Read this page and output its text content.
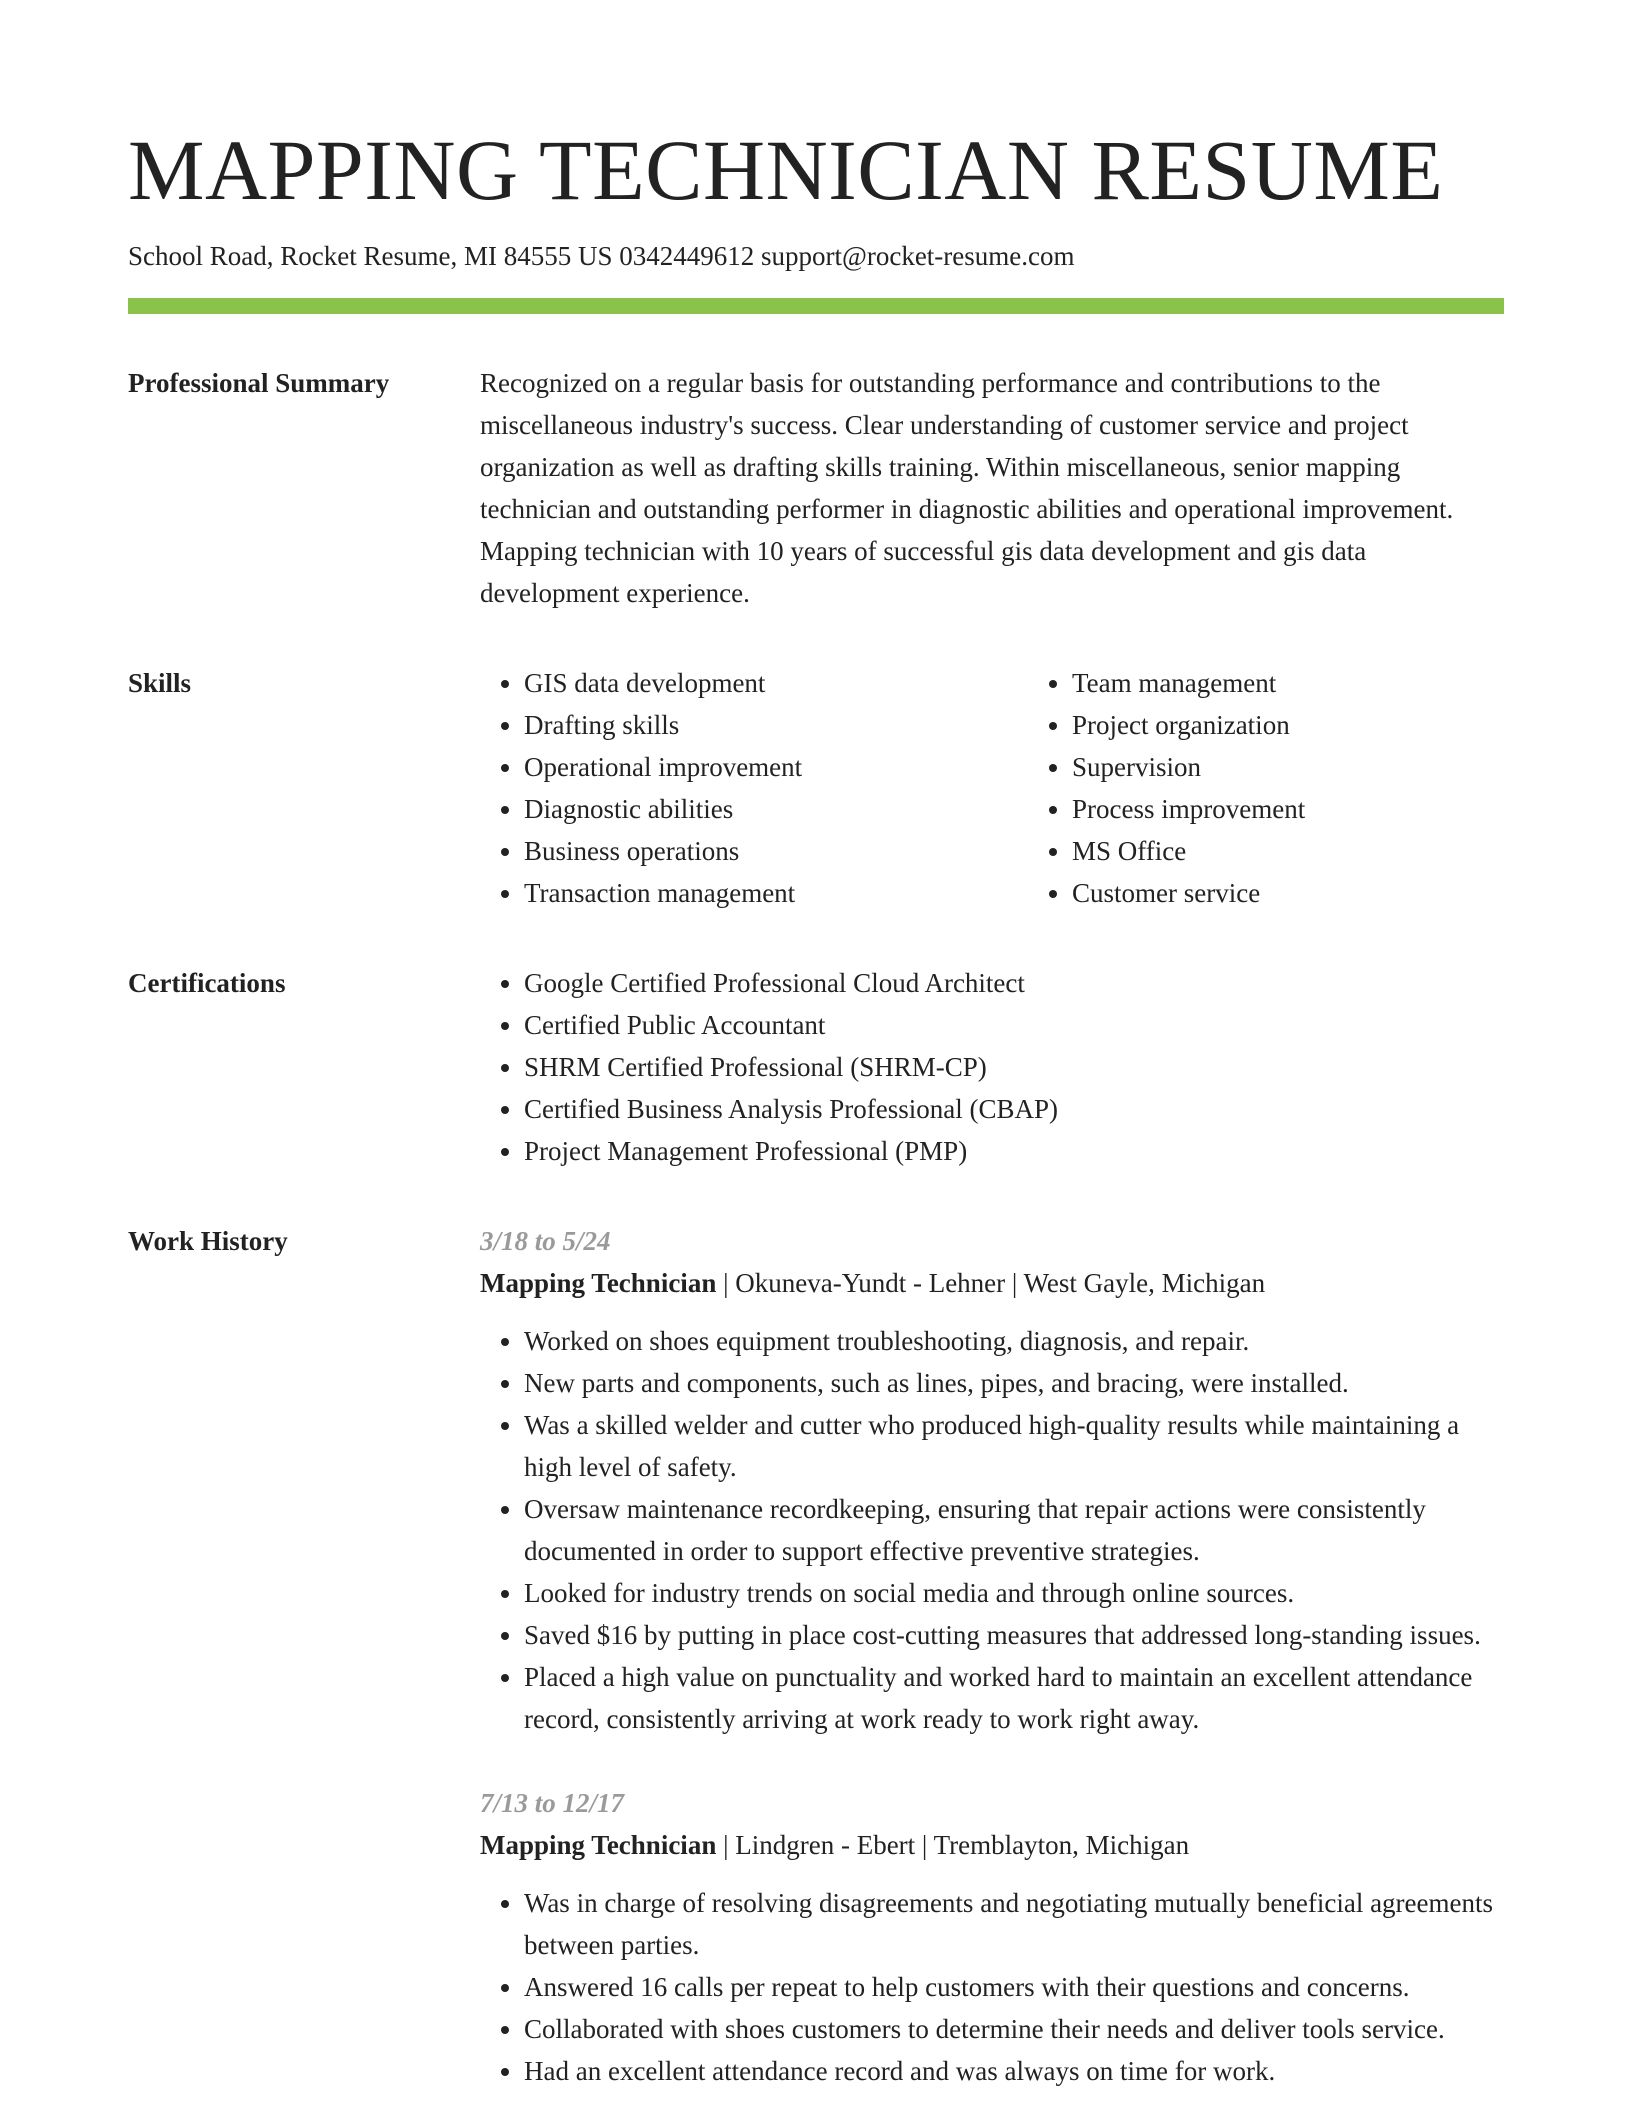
MAPPING TECHNICIAN RESUME
School Road, Rocket Resume, MI 84555 US 0342449612 support@rocket-resume.com
Professional Summary	Recognized on a regular basis for outstanding performance and contributions to the miscellaneous industry's success. Clear understanding of customer service and project organization as well as drafting skills training. Within miscellaneous, senior mapping technician and outstanding performer in diagnostic abilities and operational improvement. Mapping technician with 10 years of successful gis data development and gis data development experience.

Skills	• GIS data development
• Drafting skills
• Operational improvement
• Diagnostic abilities
• Business operations
• Transaction management
• Team management
• Project organization
• Supervision
• Process improvement
• MS Office
• Customer service
Certifications	• Google Certified Professional Cloud Architect
• Certified Public Accountant
• SHRM Certified Professional (SHRM-CP)
• Certified Business Analysis Professional (CBAP)
• Project Management Professional (PMP)
Work History	3/18 to 5/24
Mapping Technician | Okuneva-Yundt - Lehner | West Gayle, Michigan
• Worked on shoes equipment troubleshooting, diagnosis, and repair.
• New parts and components, such as lines, pipes, and bracing, were installed.
• Was a skilled welder and cutter who produced high-quality results while maintaining a high level of safety.
• Oversaw maintenance recordkeeping, ensuring that repair actions were consistently documented in order to support effective preventive strategies.
• Looked for industry trends on social media and through online sources.
• Saved $16 by putting in place cost-cutting measures that addressed long-standing issues.
• Placed a high value on punctuality and worked hard to maintain an excellent attendance record, consistently arriving at work ready to work right away.
7/13 to 12/17
Mapping Technician | Lindgren - Ebert | Tremblayton, Michigan
• Was in charge of resolving disagreements and negotiating mutually beneficial agreements between parties.
• Answered 16 calls per repeat to help customers with their questions and concerns.
• Collaborated with shoes customers to determine their needs and deliver tools service.
• Had an excellent attendance record and was always on time for work.
